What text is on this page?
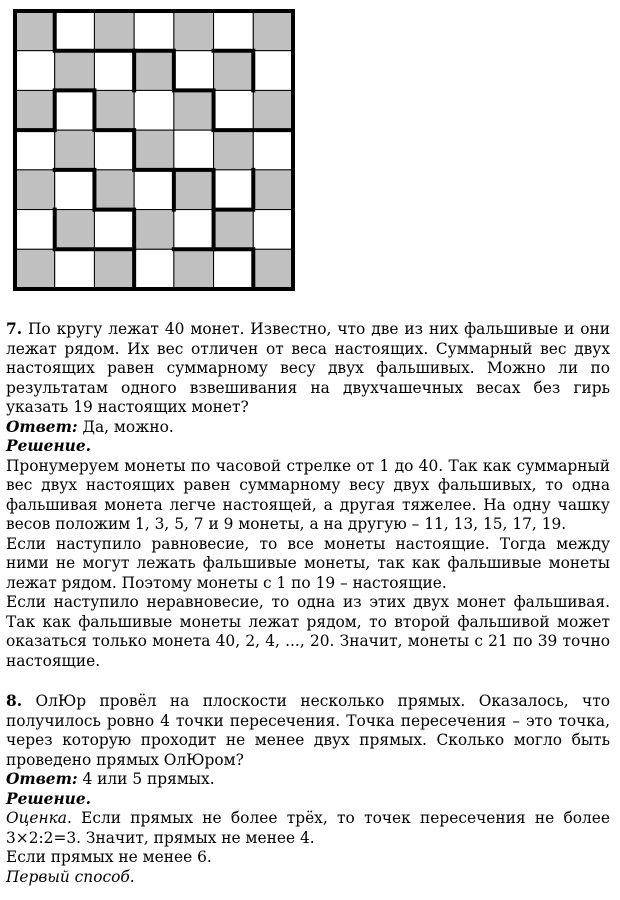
7. По кругу лежат 40 монет. Известно, что две из них фальшивые и они лежат рядом. Их вес отличен от веса настоящих. Суммарный вес двух настоящих равен суммарному весу двух фальшивых. Можно ли по результатам одного взвешивания на двухчашечных весах без гирь указать 19 настоящих монет?

Ответ: Да, можно.

Решение.

Пронумеруем монеты по часовой стрелке от 1 до 40. Так как суммарный вес двух настоящих равен суммарному весу двух фальшивых, то одна фальшивая монета легче настоящей, а другая тяжелее. На одну чашку весов положим 1, 3, 5, 7 и 9 монеты, а на другую – 11, 13, 15, 17, 19.

Если наступило равновесие, то все монеты настоящие. Тогда между ними не могут лежать фальшивые монеты, так как фальшивые монеты лежат рядом. Поэтому монеты с 1 по 19 – настоящие.

Если наступило неравновесие, то одна из этих двух монет фальшивая. Так как фальшивые монеты лежат рядом, то второй фальшивой может оказаться только монета 40, 2, 4, ..., 20. Значит, монеты с 21 по 39 точно настоящие.

8. ОлЮр провёл на плоскости несколько прямых. Оказалось, что получилось ровно 4 точки пересечения. Точка пересечения – это точка, через которую проходит не менее двух прямых. Сколько могло быть проведено прямых ОлЮром?

Ответ: 4 или 5 прямых.

Решение.

Оценка. Если прямых не более трёх, то точек пересечения не более 3×2:2=3. Значит, прямых не менее 4.

Если прямых не менее 6.

Первый способ.
